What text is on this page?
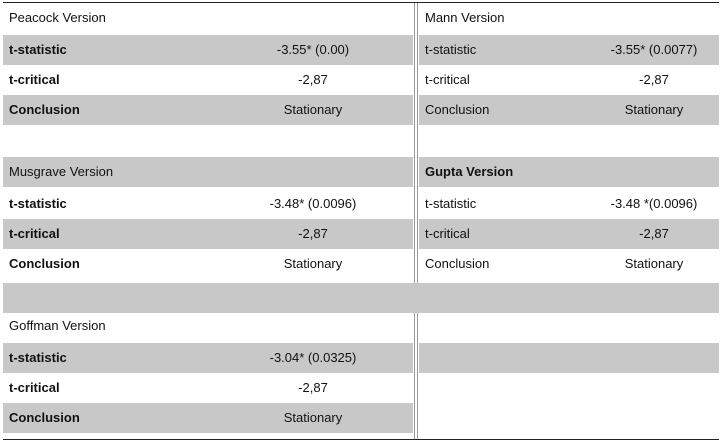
Peacock Version	Mann Version
t-statistic	-3.55* (0.00)	t-statistic	-3.55* (0.0077)
t-critical	-2,87	t-critical	-2,87
Conclusion	Stationary	Conclusion	Stationary
Musgrave Version	Gupta Version
t-statistic	-3.48* (0.0096)	t-statistic	-3.48 *(0.0096)
t-critical	-2,87	t-critical	-2,87
Conclusion	Stationary	Conclusion	Stationary
Goffman Version
t-statistic	-3.04* (0.0325)
t-critical	-2,87
Conclusion	Stationary
